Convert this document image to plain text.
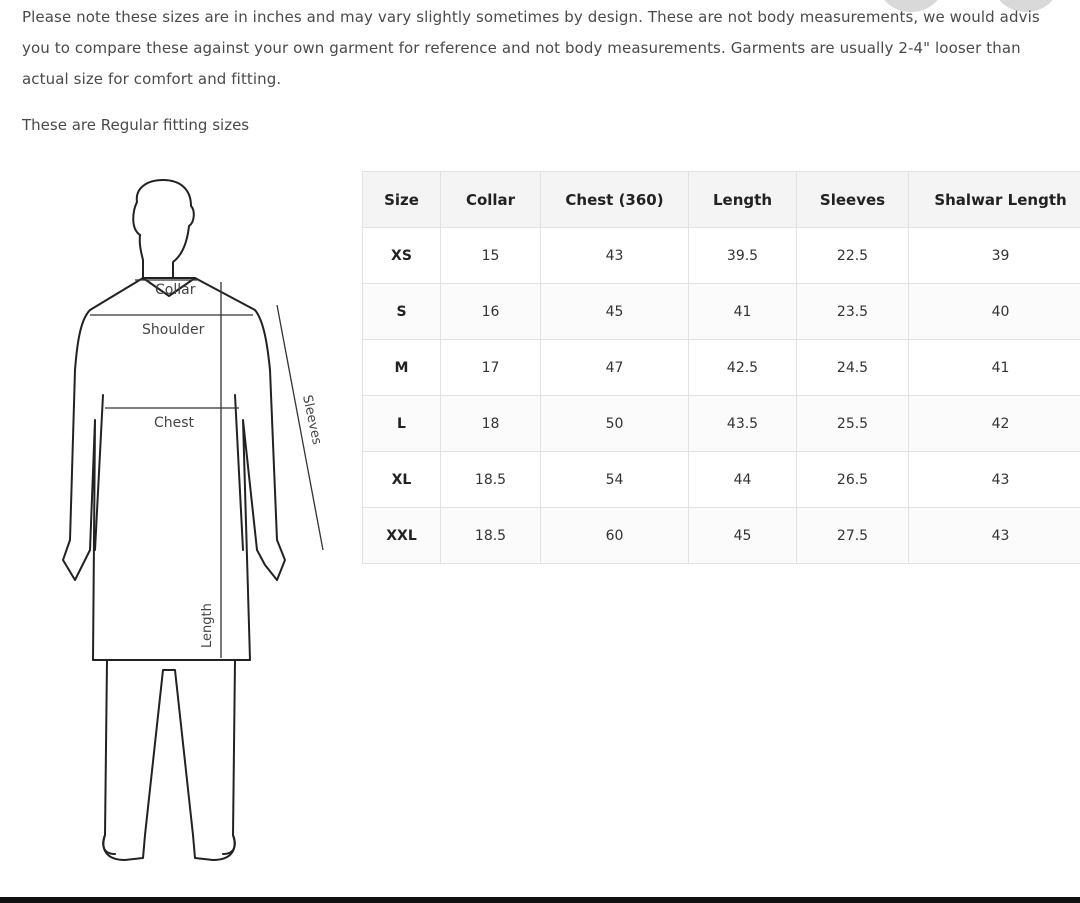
Please note these sizes are in inches and may vary slightly sometimes by design. These are not body measurements, we would advis
you to compare these against your own garment for reference and not body measurements. Garments are usually 2-4" looser than
actual size for comfort and fitting.
These are Regular fitting sizes
Collar
Shoulder
Chest	Sleeves
Length
Size	Collar	Chest (360)	Length	Sleeves	Shalwar Length
XS	15	43	39.5	22.5	39
S	16	45	41	23.5	40
M	17	47	42.5	24.5	41
L	18	50	43.5	25.5	42
XL	18.5	54	44	26.5	43
XXL	18.5	60	45	27.5	43
